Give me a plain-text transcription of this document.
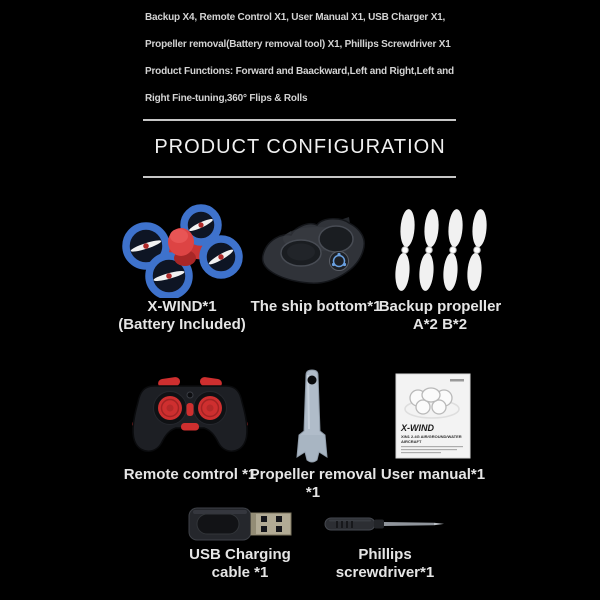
Backup X4, Remote Control X1, User Manual X1, USB Charger X1,
Propeller removal(Battery removal tool) X1, Phillips Screwdriver X1
Product Functions: Forward and Baackward,Left and Right,Left and
Right Fine-tuning,360° Flips & Rolls
PRODUCT CONFIGURATION
X-WIND*1
(Battery Included)
The ship bottom*1
Backup propeller
A*2 B*2
Remote comtrol *1
Propeller removal
*1
X-WIND
XIN1 2.4G AIR/GROUND/WATER
AIRCRAFT
User manual*1
USB Charging
cable *1
Phillips
screwdriver*1
